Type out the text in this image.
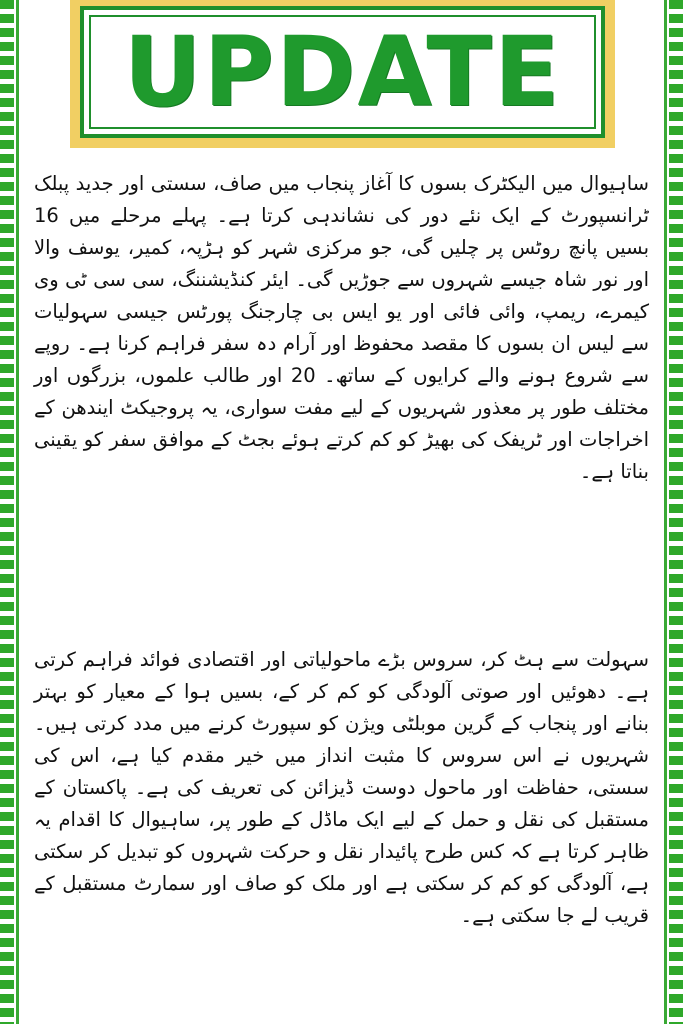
UPDATE

ساہیوال میں الیکٹرک بسوں کا آغاز پنجاب میں صاف، سستی اور جدید پبلک ٹرانسپورٹ کے ایک نئے دور کی نشاندہی کرتا ہے۔ پہلے مرحلے میں 16 بسیں پانچ روٹس پر چلیں گی، جو مرکزی شہر کو ہڑپہ، کمیر، یوسف والا اور نور شاہ جیسے شہروں سے جوڑیں گی۔ ایئر کنڈیشننگ، سی سی ٹی وی کیمرے، ریمپ، وائی فائی اور یو ایس بی چارجنگ پورٹس جیسی سہولیات سے لیس ان بسوں کا مقصد محفوظ اور آرام دہ سفر فراہم کرنا ہے۔ روپے سے شروع ہونے والے کرایوں کے ساتھ۔ 20 اور طالب علموں، بزرگوں اور مختلف طور پر معذور شہریوں کے لیے مفت سواری، یہ پروجیکٹ ایندھن کے اخراجات اور ٹریفک کی بھیڑ کو کم کرتے ہوئے بجٹ کے موافق سفر کو یقینی بناتا ہے۔

سہولت سے ہٹ کر، سروس بڑے ماحولیاتی اور اقتصادی فوائد فراہم کرتی ہے۔ دھوئیں اور صوتی آلودگی کو کم کر کے، بسیں ہوا کے معیار کو بہتر بنانے اور پنجاب کے گرین موبلٹی ویژن کو سپورٹ کرنے میں مدد کرتی ہیں۔ شہریوں نے اس سروس کا مثبت انداز میں خیر مقدم کیا ہے، اس کی سستی، حفاظت اور ماحول دوست ڈیزائن کی تعریف کی ہے۔ پاکستان کے مستقبل کی نقل و حمل کے لیے ایک ماڈل کے طور پر، ساہیوال کا اقدام یہ ظاہر کرتا ہے کہ کس طرح پائیدار نقل و حرکت شہروں کو تبدیل کر سکتی ہے، آلودگی کو کم کر سکتی ہے اور ملک کو صاف اور سمارٹ مستقبل کے قریب لے جا سکتی ہے۔
